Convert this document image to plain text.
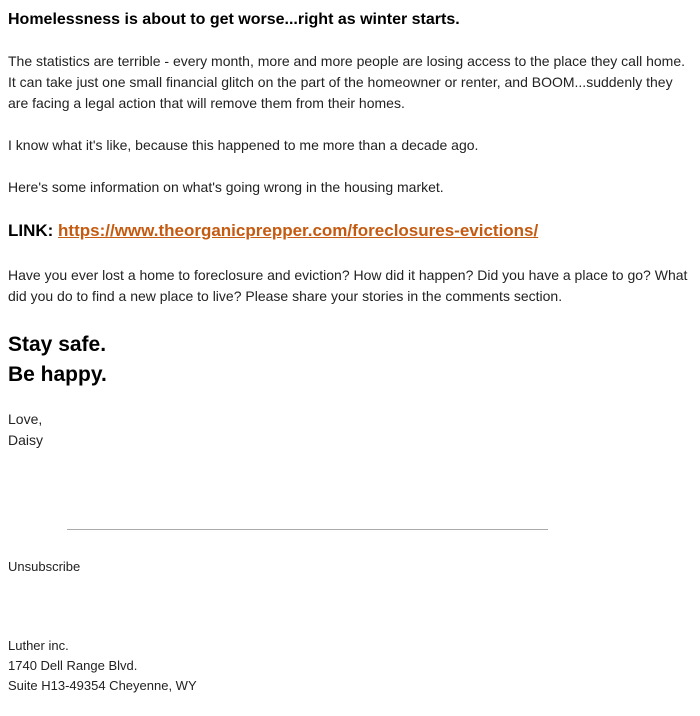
Homelessness is about to get worse...right as winter starts.

The statistics are terrible - every month, more and more people are losing access to the place they call home. It can take just one small financial glitch on the part of the homeowner or renter, and BOOM...suddenly they are facing a legal action that will remove them from their homes.

I know what it's like, because this happened to me more than a decade ago.

Here's some information on what's going wrong in the housing market.

LINK: https://www.theorganicprepper.com/foreclosures-evictions/

Have you ever lost a home to foreclosure and eviction? How did it happen? Did you have a place to go? What did you do to find a new place to live? Please share your stories in the comments section.

Stay safe.
Be happy.

Love,
Daisy

Unsubscribe

Luther inc.
1740 Dell Range Blvd.
Suite H13-49354 Cheyenne, WY
